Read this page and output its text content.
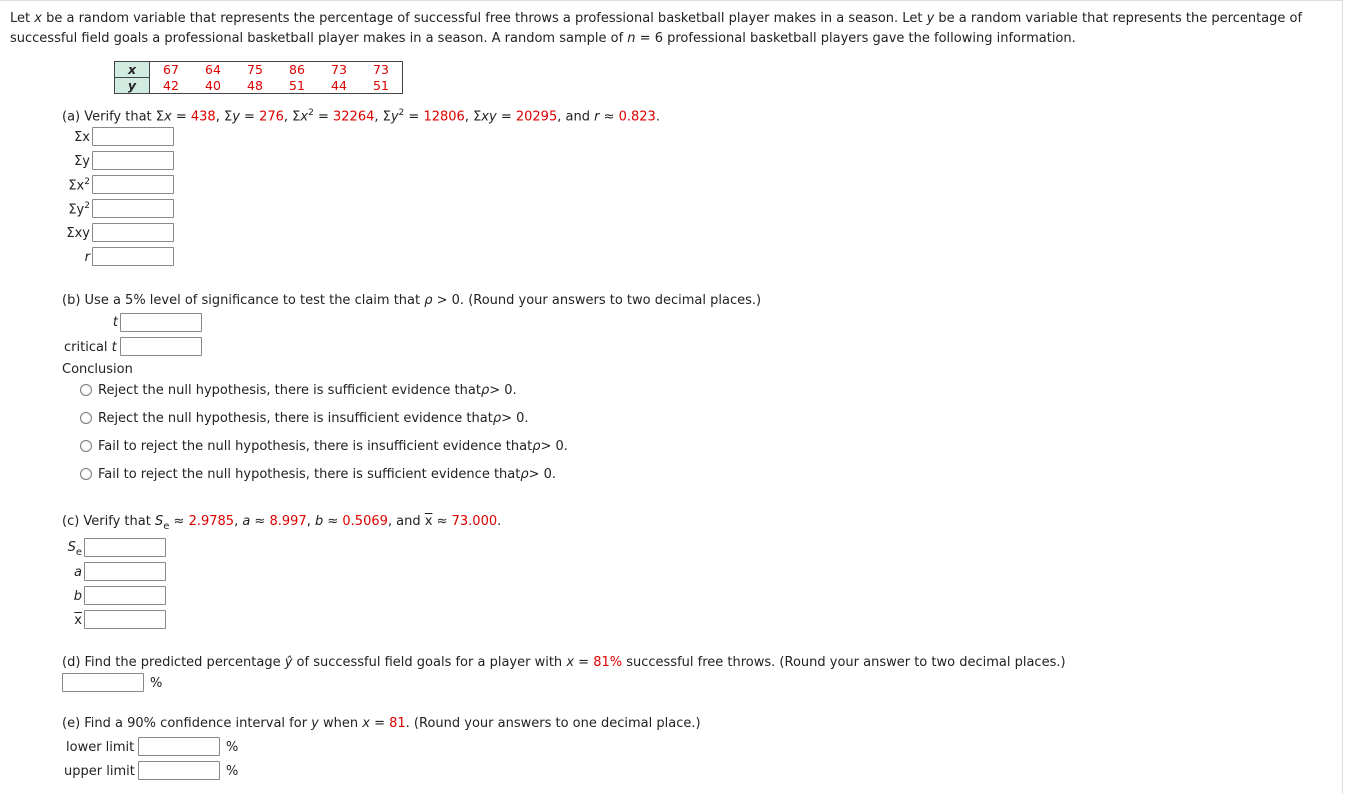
Let x be a random variable that represents the percentage of successful free throws a professional basketball player makes in a season. Let y be a random variable that represents the percentage of successful field goals a professional basketball player makes in a season. A random sample of n = 6 professional basketball players gave the following information.
x	67	64	75	86	73	73
y	42	40	48	51	44	51
(a) Verify that Σx = 438, Σy = 276, $\Sigma x^2 = 32264$, $\Sigma y^2 = 12806$, Σxy = 20295, and r ≈ 0.823.
Σx
Σy
$\Sigma x^2$
$\Sigma y^2$
Σxy
r
(b) Use a 5% level of significance to test the claim that ρ > 0. (Round your answers to two decimal places.)
t
critical t
Conclusion
Reject the null hypothesis, there is sufficient evidence that ρ > 0.
Reject the null hypothesis, there is insufficient evidence that ρ > 0.
Fail to reject the null hypothesis, there is insufficient evidence that ρ > 0.
Fail to reject the null hypothesis, there is sufficient evidence that ρ > 0.
(c) Verify that $S_e \approx 2.9785$, a ≈ 8.997, b ≈ 0.5069, and $\overline{x} \approx 73.000$.
$S_e$
a
b
$\overline{x}$
(d) Find the predicted percentage ŷ of successful field goals for a player with x = 81% successful free throws. (Round your answer to two decimal places.)
%
(e) Find a 90% confidence interval for y when x = 81. (Round your answers to one decimal place.)
lower limit	%
upper limit	%
